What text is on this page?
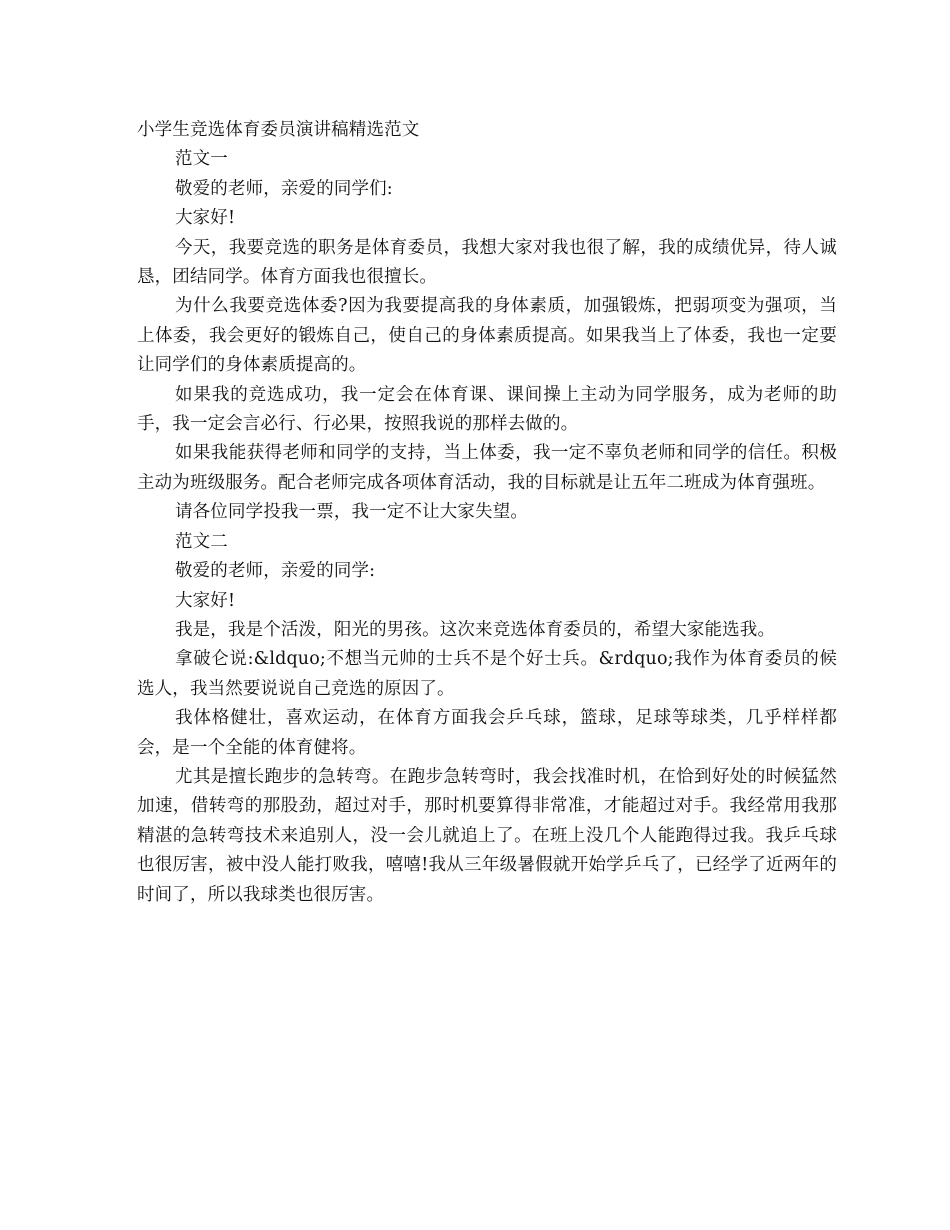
小学生竞选体育委员演讲稿精选范文

范文一

敬爱的老师，亲爱的同学们:

大家好!

今天，我要竞选的职务是体育委员，我想大家对我也很了解，我的成绩优异，待人诚恳，团结同学。体育方面我也很擅长。

为什么我要竞选体委?因为我要提高我的身体素质，加强锻炼，把弱项变为强项，当上体委，我会更好的锻炼自己，使自己的身体素质提高。如果我当上了体委，我也一定要让同学们的身体素质提高的。

如果我的竞选成功，我一定会在体育课、课间操上主动为同学服务，成为老师的助手，我一定会言必行、行必果，按照我说的那样去做的。

如果我能获得老师和同学的支持，当上体委，我一定不辜负老师和同学的信任。积极主动为班级服务。配合老师完成各项体育活动，我的目标就是让五年二班成为体育强班。

请各位同学投我一票，我一定不让大家失望。

范文二

敬爱的老师，亲爱的同学:

大家好!

我是，我是个活泼，阳光的男孩。这次来竞选体育委员的，希望大家能选我。

拿破仑说:&ldquo;不想当元帅的士兵不是个好士兵。&rdquo;我作为体育委员的候选人，我当然要说说自己竞选的原因了。

我体格健壮，喜欢运动，在体育方面我会乒乓球，篮球，足球等球类，几乎样样都会，是一个全能的体育健将。

尤其是擅长跑步的急转弯。在跑步急转弯时，我会找准时机，在恰到好处的时候猛然加速，借转弯的那股劲，超过对手，那时机要算得非常准，才能超过对手。我经常用我那精湛的急转弯技术来追别人，没一会儿就追上了。在班上没几个人能跑得过我。我乒乓球也很厉害，被中没人能打败我，嘻嘻!我从三年级暑假就开始学乒乓了，已经学了近两年的时间了，所以我球类也很厉害。
